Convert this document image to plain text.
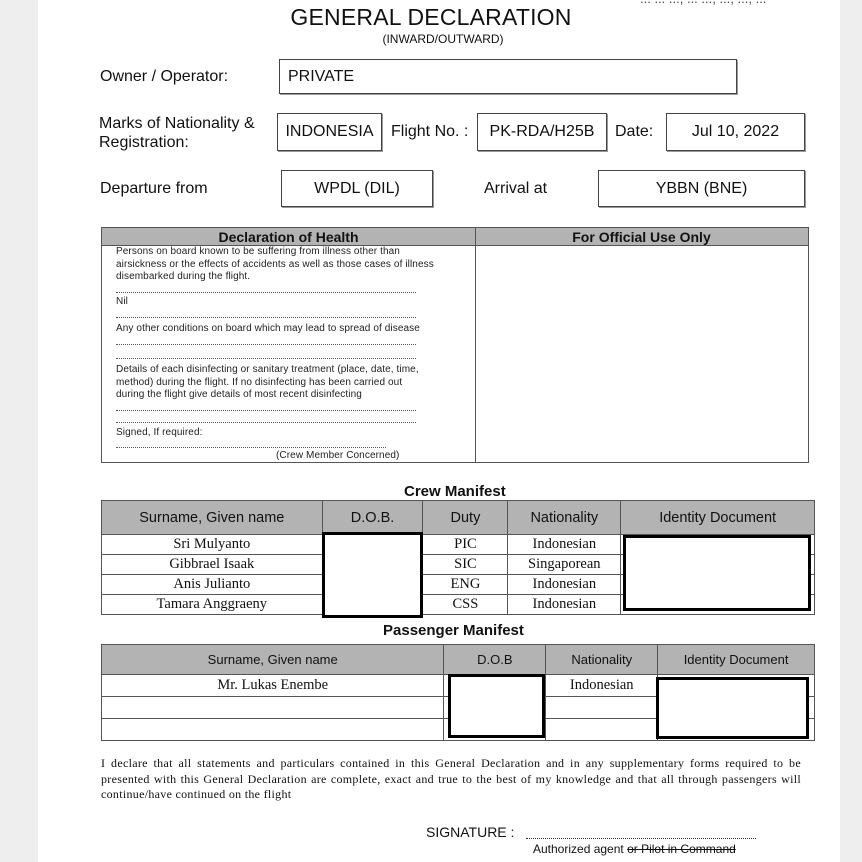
GENERAL DECLARATION
(INWARD/OUTWARD)
Owner / Operator:	PRIVATE
Marks of Nationality &
Registration:
INDONESIA Flight No. : PK-RDA/H25B Date: Jul 10, 2022
Departure from	WPDL (DIL)	Arrival at	YBBN (BNE)
Declaration of Health	For Official Use Only
Persons on board known to be suffering from illness other than
airsickness or the effects of accidents as well as those cases of illness
disembarked during the flight.
Nil
Any other conditions on board which may lead to spread of disease
Details of each disinfecting or sanitary treatment (place, date, time,
method) during the flight. If no disinfecting has been carried out
during the flight give details of most recent disinfecting
Signed, If required:
(Crew Member Concerned)
Crew Manifest
Surname, Given name	D.O.B.	Duty	Nationality	Identity Document
Sri Mulyanto		PIC	Indonesian	
Gibbrael Isaak		SIC	Singaporean	
Anis Julianto		ENG	Indonesian	
Tamara Anggraeny		CSS	Indonesian	
Passenger Manifest
Surname, Given name	D.O.B	Nationality	Identity Document
Mr. Lukas Enembe		Indonesian	

I declare that all statements and particulars contained in this General Declaration and in any supplementary forms required to be presented with this General Declaration are complete, exact and true to the best of my knowledge and that all through passengers will continue/have continued on the flight
SIGNATURE :
Authorized agent or Pilot in Command
